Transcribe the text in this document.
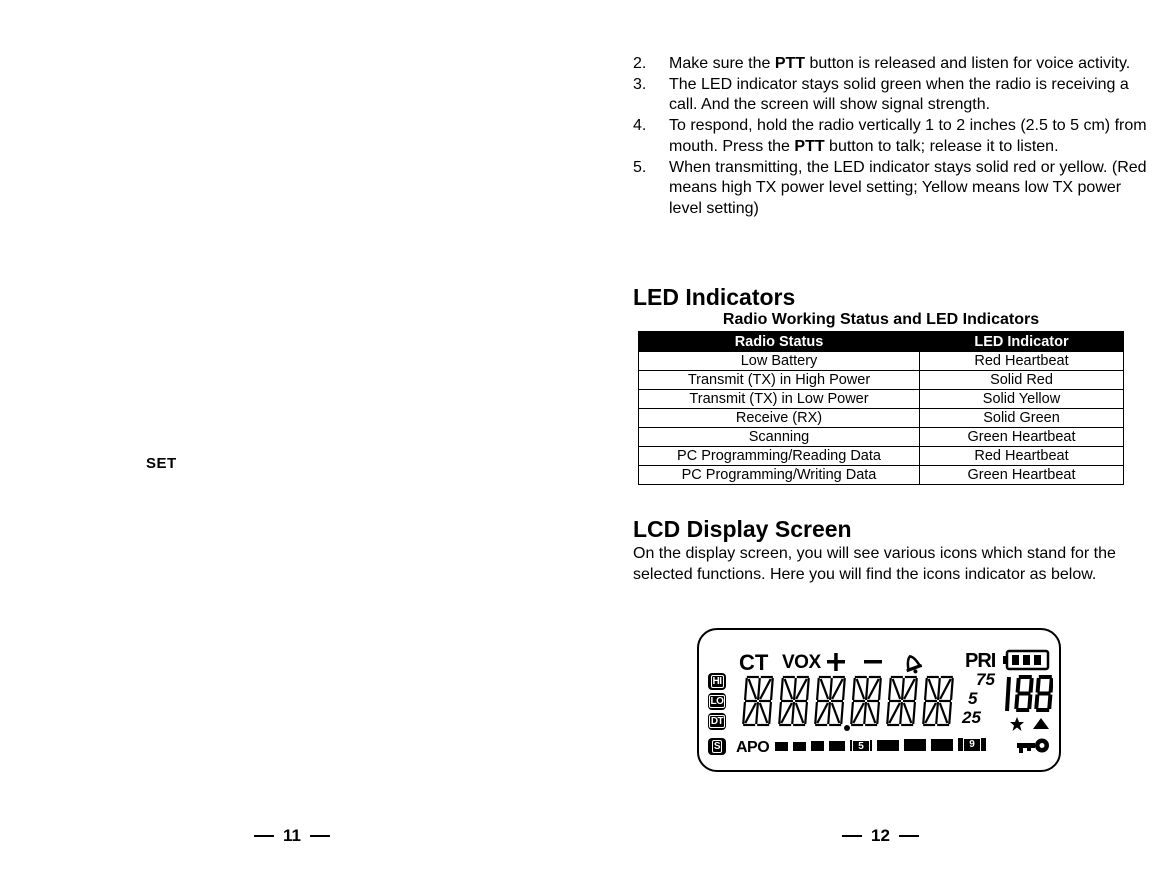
SET
11
2.	Make sure the PTT button is released and listen for voice activity.
3.	The LED indicator stays solid green when the radio is receiving a call. And the screen will show signal strength.
4.	To respond, hold the radio vertically 1 to 2 inches (2.5 to 5 cm) from mouth. Press the PTT button to talk; release it to listen.
5.	When transmitting, the LED indicator stays solid red or yellow. (Red means high TX power level setting; Yellow means low TX power level setting)
LED Indicators
Radio Working Status and LED Indicators
Radio Status	LED Indicator
Low Battery	Red Heartbeat
Transmit (TX) in High Power	Solid Red
Transmit (TX) in Low Power	Solid Yellow
Receive (RX)	Solid Green
Scanning	Green Heartbeat
PC Programming/Reading Data	Red Heartbeat
PC Programming/Writing Data	Green Heartbeat
LCD Display Screen
On the display screen, you will see various icons which stand for the selected functions. Here you will find the icons indicator as below.
CT VOX	PRI
HI
LO
DT
S
75
5
25
APO	5	9
12
